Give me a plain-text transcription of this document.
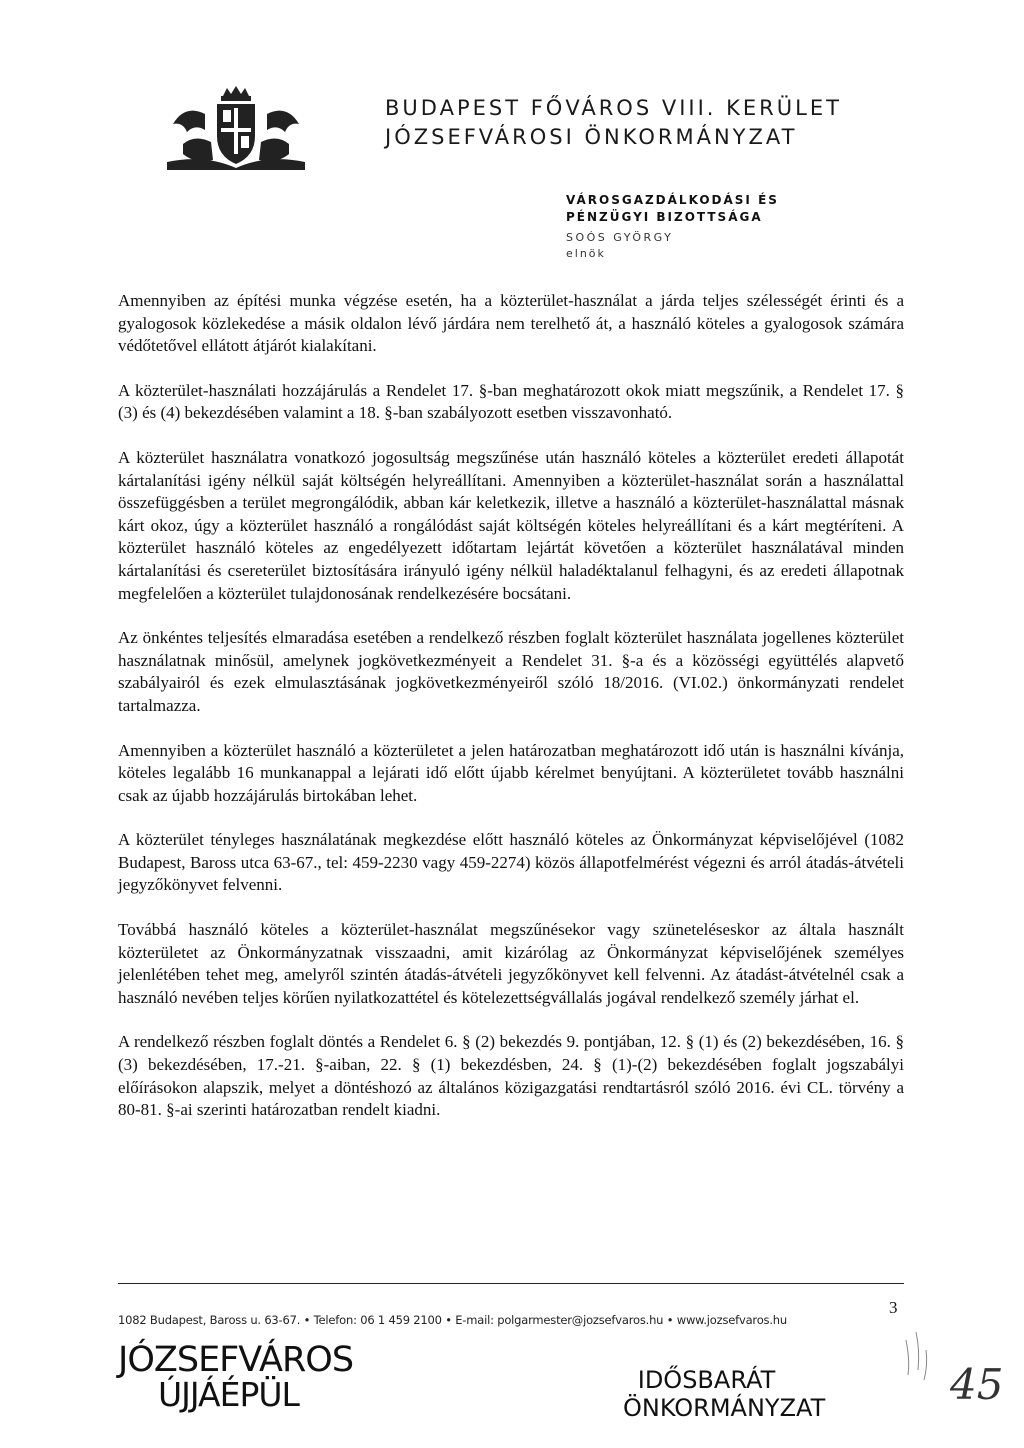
BUDAPEST FŐVÁROS VIII. KERÜLET
JÓZSEFVÁROSI ÖNKORMÁNYZAT
VÁROSGAZDÁLKODÁSI ÉS
PÉNZÜGYI BIZOTTSÁGA
SOÓS GYÖRGY
elnök

Amennyiben az építési munka végzése esetén, ha a közterület-használat a járda teljes szélességét érinti és a gyalogosok közlekedése a másik oldalon lévő járdára nem terelhető át, a használó köteles a gyalogosok számára védőtetővel ellátott átjárót kialakítani.

A közterület-használati hozzájárulás a Rendelet 17. §-ban meghatározott okok miatt megszűnik, a Rendelet 17. § (3) és (4) bekezdésében valamint a 18. §-ban szabályozott esetben visszavonható.

A közterület használatra vonatkozó jogosultság megszűnése után használó köteles a közterület eredeti állapotát kártalanítási igény nélkül saját költségén helyreállítani. Amennyiben a közterület-használat során a használattal összefüggésben a terület megrongálódik, abban kár keletkezik, illetve a használó a közterület-használattal másnak kárt okoz, úgy a közterület használó a rongálódást saját költségén köteles helyreállítani és a kárt megtéríteni. A közterület használó köteles az engedélyezett időtartam lejártát követően a közterület használatával minden kártalanítási és csereterület biztosítására irányuló igény nélkül haladéktalanul felhagyni, és az eredeti állapotnak megfelelően a közterület tulajdonosának rendelkezésére bocsátani.

Az önkéntes teljesítés elmaradása esetében a rendelkező részben foglalt közterület használata jogellenes közterület használatnak minősül, amelynek jogkövetkezményeit a Rendelet 31. §-a és a közösségi együttélés alapvető szabályairól és ezek elmulasztásának jogkövetkezményeiről szóló 18/2016. (VI.02.) önkormányzati rendelet tartalmazza.

Amennyiben a közterület használó a közterületet a jelen határozatban meghatározott idő után is használni kívánja, köteles legalább 16 munkanappal a lejárati idő előtt újabb kérelmet benyújtani. A közterületet tovább használni csak az újabb hozzájárulás birtokában lehet.

A közterület tényleges használatának megkezdése előtt használó köteles az Önkormányzat képviselőjével (1082 Budapest, Baross utca 63-67., tel: 459-2230 vagy 459-2274) közös állapotfelmérést végezni és arról átadás-átvételi jegyzőkönyvet felvenni.

Továbbá használó köteles a közterület-használat megszűnésekor vagy szüneteléseskor az általa használt közterületet az Önkormányzatnak visszaadni, amit kizárólag az Önkormányzat képviselőjének személyes jelenlétében tehet meg, amelyről szintén átadás-átvételi jegyzőkönyvet kell felvenni. Az átadást-átvételnél csak a használó nevében teljes körűen nyilatkozattétel és kötelezettségvállalás jogával rendelkező személy járhat el.

A rendelkező részben foglalt döntés a Rendelet 6. § (2) bekezdés 9. pontjában, 12. § (1) és (2) bekezdésében, 16. § (3) bekezdésében, 17.-21. §-aiban, 22. § (1) bekezdésben, 24. § (1)-(2) bekezdésében foglalt jogszabályi előírásokon alapszik, melyet a döntéshozó az általános közigazgatási rendtartásról szóló 2016. évi CL. törvény a 80-81. §-ai szerinti határozatban rendelt kiadni.

3
1082 Budapest, Baross u. 63-67. • Telefon: 06 1 459 2100 • E-mail: polgarmester@jozsefvaros.hu • www.jozsefvaros.hu
JÓZSEFVÁROS
ÚJJÁÉPÜL	IDŐSBARÁT
ÖNKORMÁNYZAT	45
